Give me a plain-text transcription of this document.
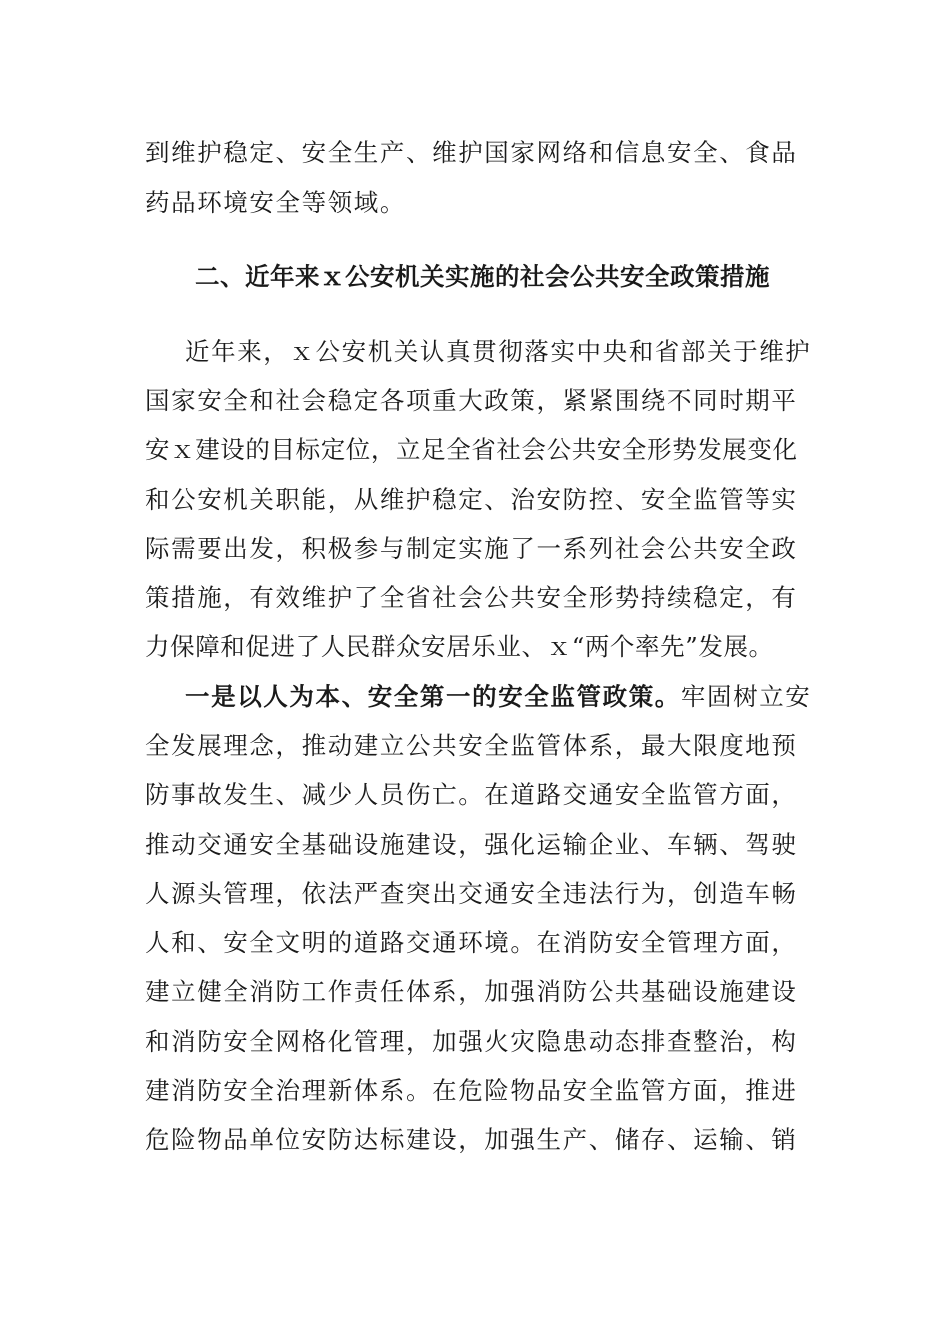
到维护稳定、安全生产、维护国家网络和信息安全、食品
药品环境安全等领域。
二、近年来ｘ公安机关实施的社会公共安全政策措施
近年来，ｘ公安机关认真贯彻落实中央和省部关于维护
国家安全和社会稳定各项重大政策，紧紧围绕不同时期平
安ｘ建设的目标定位，立足全省社会公共安全形势发展变化
和公安机关职能，从维护稳定、治安防控、安全监管等实
际需要出发，积极参与制定实施了一系列社会公共安全政
策措施，有效维护了全省社会公共安全形势持续稳定，有
力保障和促进了人民群众安居乐业、ｘ“两个率先”发展。
一是以人为本、安全第一的安全监管政策。牢固树立安
全发展理念，推动建立公共安全监管体系，最大限度地预
防事故发生、减少人员伤亡。在道路交通安全监管方面，
推动交通安全基础设施建设，强化运输企业、车辆、驾驶
人源头管理，依法严查突出交通安全违法行为，创造车畅
人和、安全文明的道路交通环境。在消防安全管理方面，
建立健全消防工作责任体系，加强消防公共基础设施建设
和消防安全网格化管理，加强火灾隐患动态排查整治，构
建消防安全治理新体系。在危险物品安全监管方面，推进
危险物品单位安防达标建设，加强生产、储存、运输、销
